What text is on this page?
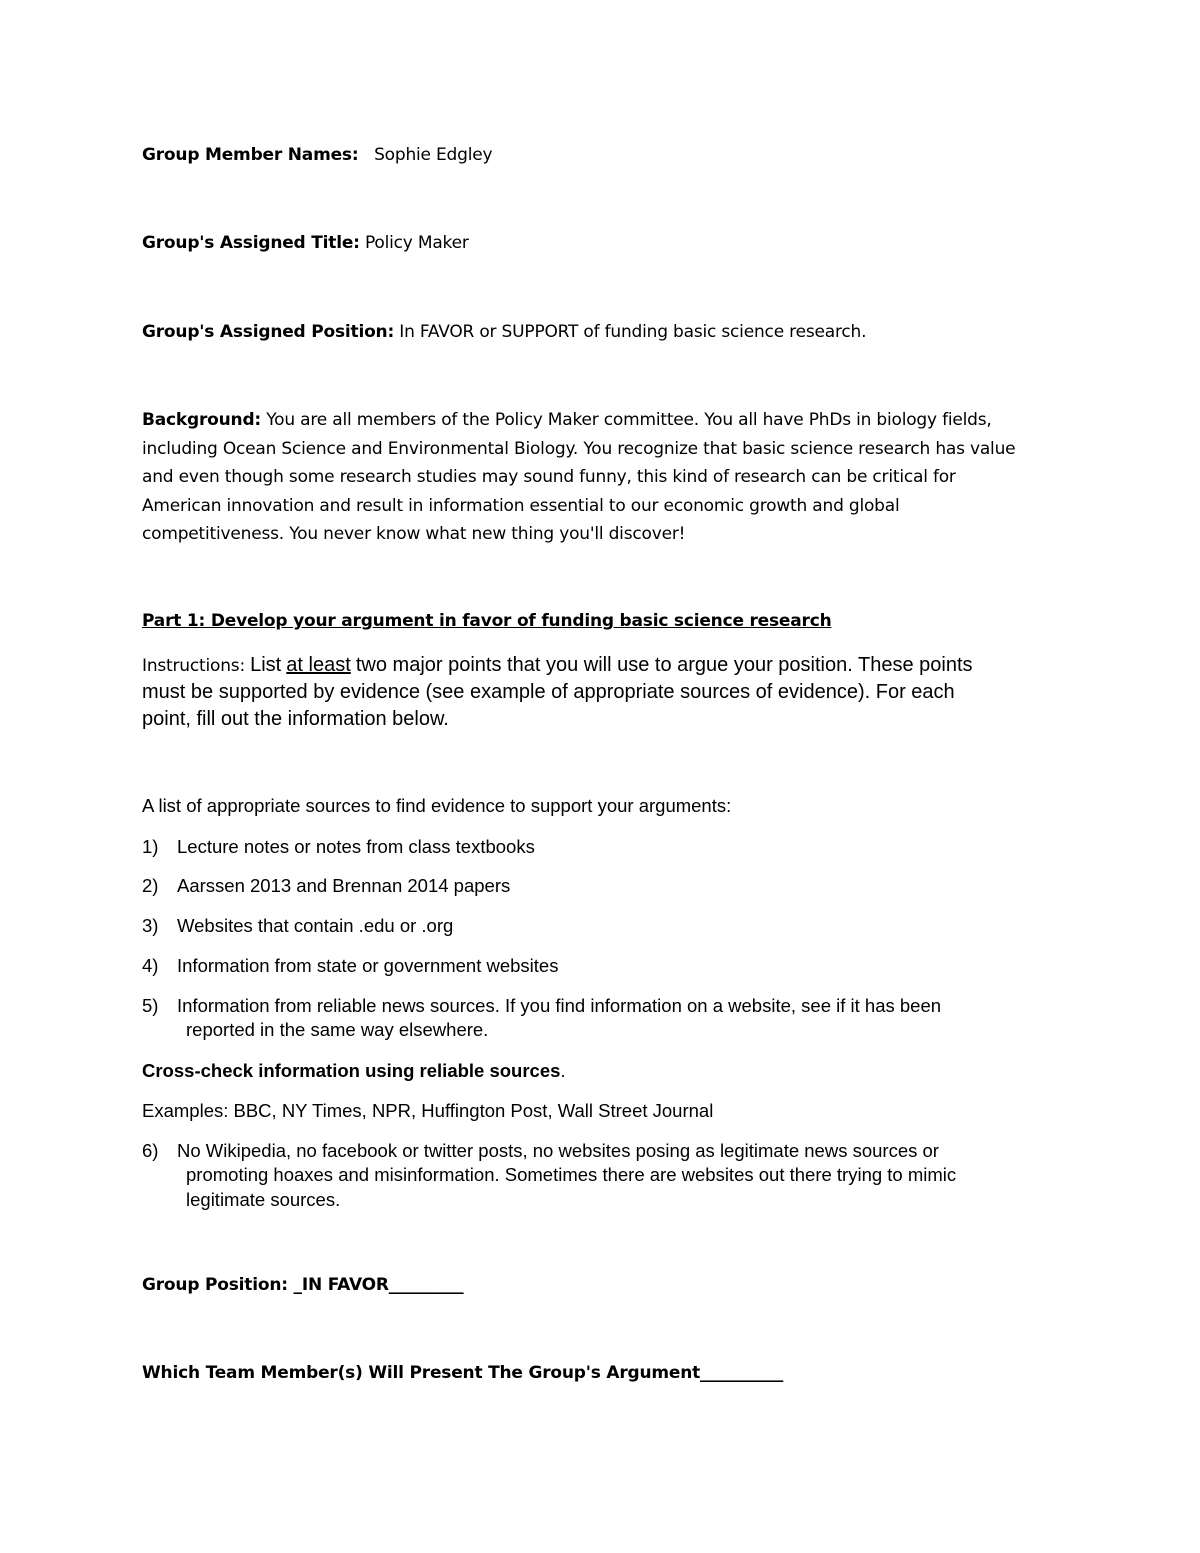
Group Member Names: Sophie Edgley
Group's Assigned Title: Policy Maker
Group's Assigned Position: In FAVOR or SUPPORT of funding basic science research.
Background: You are all members of the Policy Maker committee. You all have PhDs in biology fields,
including Ocean Science and Environmental Biology. You recognize that basic science research has value
and even though some research studies may sound funny, this kind of research can be critical for
American innovation and result in information essential to our economic growth and global
competitiveness. You never know what new thing you'll discover!
Part 1: Develop your argument in favor of funding basic science research
Instructions: List at least two major points that you will use to argue your position. These points
must be supported by evidence (see example of appropriate sources of evidence). For each
point, fill out the information below.
A list of appropriate sources to find evidence to support your arguments:
1) Lecture notes or notes from class textbooks
2) Aarssen 2013 and Brennan 2014 papers
3) Websites that contain .edu or .org
4) Information from state or government websites
5) Information from reliable news sources. If you find information on a website, see if it has been
reported in the same way elsewhere.
Cross-check information using reliable sources.
Examples: BBC, NY Times, NPR, Huffington Post, Wall Street Journal
6) No Wikipedia, no facebook or twitter posts, no websites posing as legitimate news sources or
promoting hoaxes and misinformation. Sometimes there are websites out there trying to mimic
legitimate sources.
Group Position: _IN FAVOR_________
Which Team Member(s) Will Present The Group's Argument__________
